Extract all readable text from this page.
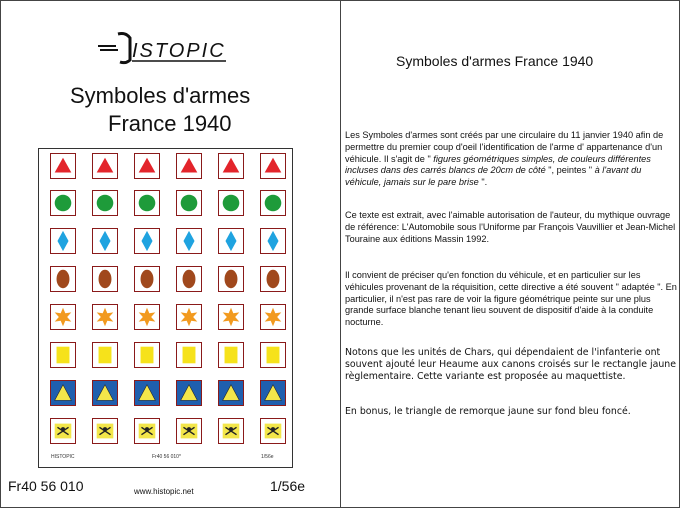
ISTOPIC
Symboles d'armes
France 1940
HISTOPIC	Fr40 56 010*	1/56e
Fr40 56 010	www.histopic.net	1/56e
Symboles d'armes France 1940
Les Symboles d'armes sont créés par une circulaire du 11 janvier 1940 afin de permettre du premier coup d'oeil l'identification de l'arme d' appartenance d'un véhicule. Il s'agit de " figures géométriques simples, de couleurs différentes incluses dans des carrés blancs de 20cm de côté ", peintes " à l'avant du véhicule, jamais sur le pare brise ".
Ce texte est extrait, avec l'aimable autorisation de l'auteur, du mythique ouvrage de référence: L'Automobile sous l'Uniforme par François Vauvillier et Jean-Michel Touraine aux éditions Massin 1992.
Il convient de préciser qu'en fonction du véhicule, et en particulier sur les véhicules provenant de la réquisition, cette directive a été souvent " adaptée ". En particulier, il n'est pas rare de voir la figure géométrique peinte sur une plus grande surface blanche tenant lieu souvent de dispositif d'aide à la conduite nocturne.
Notons que les unités de Chars, qui dépendaient de l'infanterie ont souvent ajouté leur Heaume aux canons croisés sur le rectangle jaune règlementaire. Cette variante est proposée au maquettiste.
En bonus, le triangle de remorque jaune sur fond bleu foncé.
